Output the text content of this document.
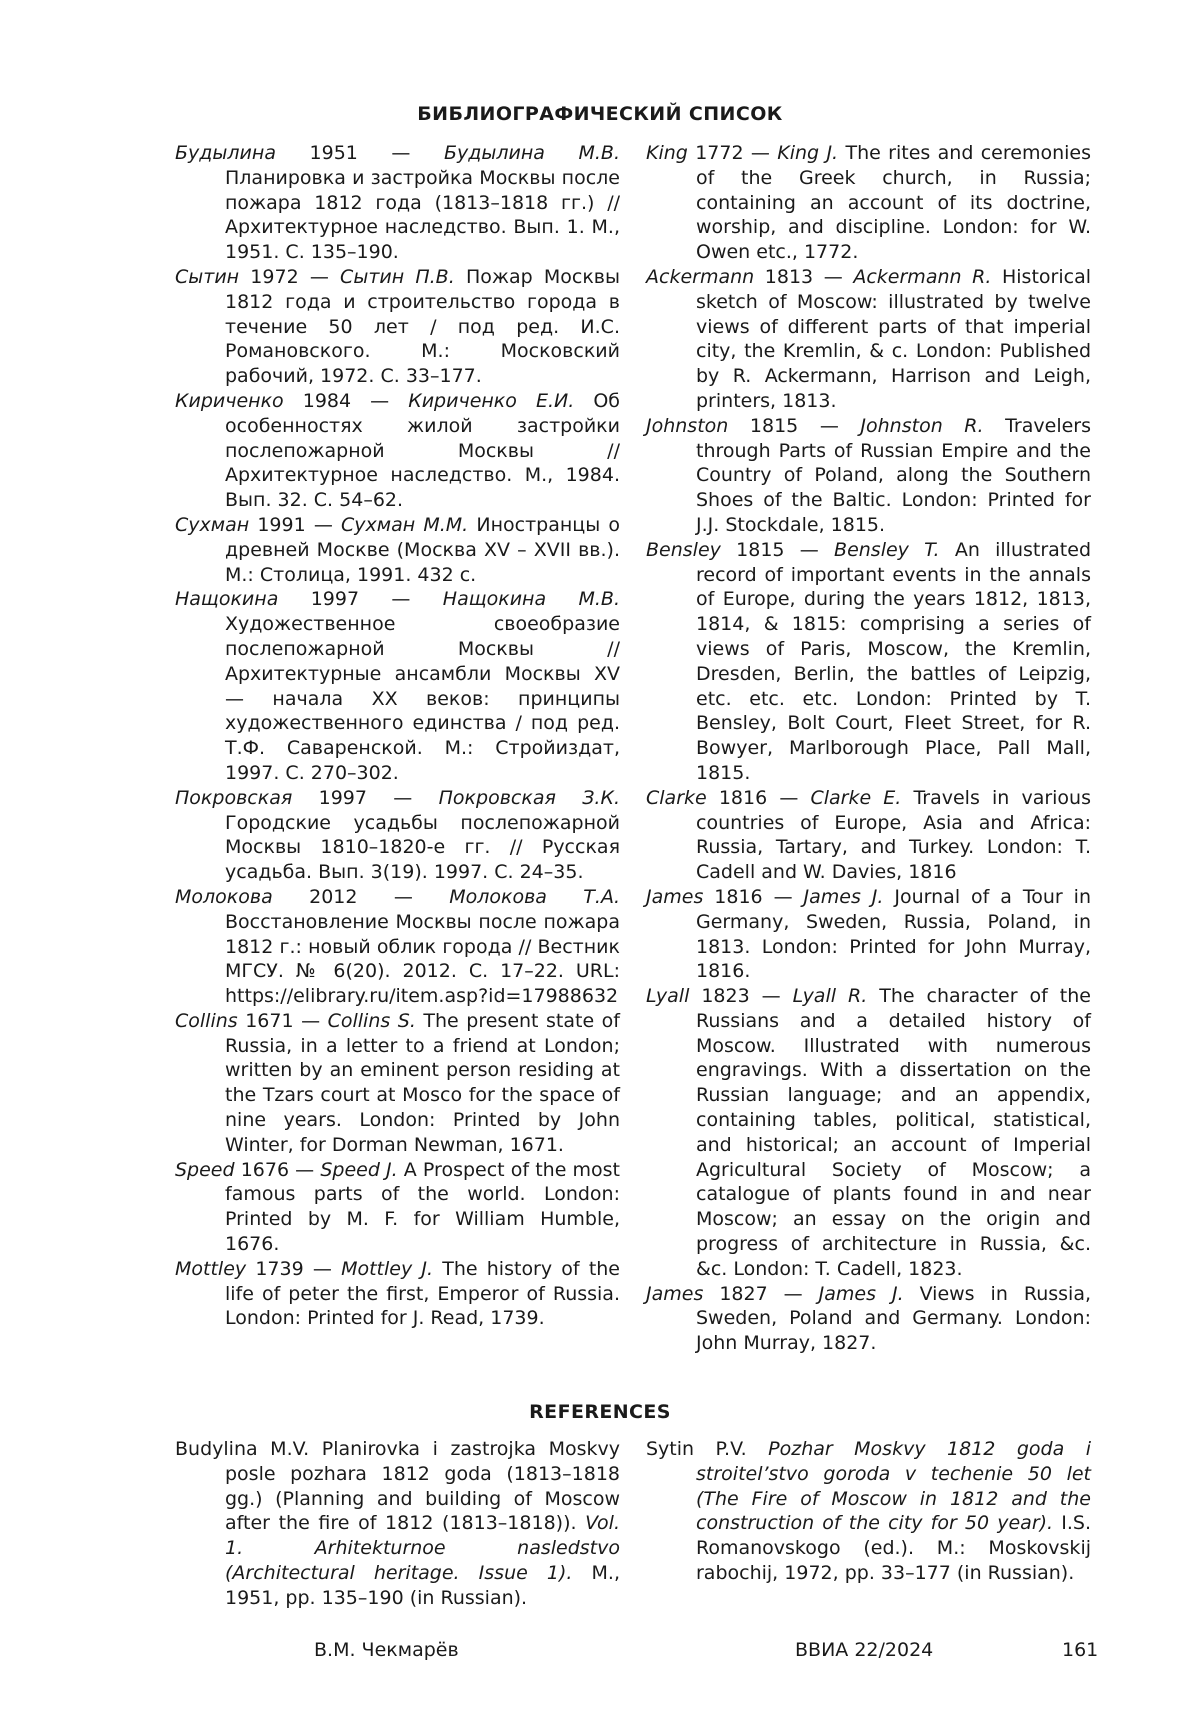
БИБЛИОГРАФИЧЕСКИЙ СПИСОК

Будылина 1951 — Будылина М.В. Планировка и застройка Москвы после пожара 1812 года (1813–1818 гг.) // Архитектурное наследство. Вып. 1. М., 1951. С. 135–190.

Сытин 1972 — Сытин П.В. Пожар Москвы 1812 года и строительство города в течение 50 лет / под ред. И.С. Романовского. М.: Московский рабочий, 1972. С. 33–177.

Кириченко 1984 — Кириченко Е.И. Об особенностях жилой застройки послепожарной Москвы // Архитектурное наследство. М., 1984. Вып. 32. С. 54–62.

Сухман 1991 — Сухман М.М. Иностранцы о древней Москве (Москва XV – XVII вв.). М.: Столица, 1991. 432 с.

Нащокина 1997 — Нащокина М.В. Художественное своеобразие послепожарной Москвы // Архитектурные ансамбли Москвы XV — начала XX веков: принципы художественного единства / под ред. Т.Ф. Саваренской. М.: Стройиздат, 1997. С. 270–302.

Покровская 1997 — Покровская З.К. Городские усадьбы послепожарной Москвы 1810–1820-е гг. // Русская усадьба. Вып. 3(19). 1997. С. 24–35.

Молокова 2012 — Молокова Т.А. Восстановление Москвы после пожара 1812 г.: новый облик города // Вестник МГСУ. № 6(20). 2012. С. 17–22. URL: https://elibrary.ru/item.asp?id=17988632

Collins 1671 — Collins S. The present state of Russia, in a letter to a friend at London; written by an eminent person residing at the Tzars court at Mosco for the space of nine years. London: Printed by John Winter, for Dorman Newman, 1671.

Speed 1676 — Speed J. A Prospect of the most famous parts of the world. London: Printed by M. F. for William Humble, 1676.

Mottley 1739 — Mottley J. The history of the life of peter the first, Emperor of Russia. London: Printed for J. Read, 1739.

King 1772 — King J. The rites and ceremonies of the Greek church, in Russia; containing an account of its doctrine, worship, and discipline. London: for W. Owen etc., 1772.

Ackermann 1813 — Ackermann R. Historical sketch of Moscow: illustrated by twelve views of different parts of that imperial city, the Kremlin, & c. London: Published by R. Ackermann, Harrison and Leigh, printers, 1813.

Johnston 1815 — Johnston R. Travelers through Parts of Russian Empire and the Country of Poland, along the Southern Shoes of the Baltic. London: Printed for J.J. Stockdale, 1815.

Bensley 1815 — Bensley T. An illustrated record of important events in the annals of Europe, during the years 1812, 1813, 1814, & 1815: comprising a series of views of Paris, Moscow, the Kremlin, Dresden, Berlin, the battles of Leipzig, etc. etc. etc. London: Printed by T. Bensley, Bolt Court, Fleet Street, for R. Bowyer, Marlborough Place, Pall Mall, 1815.

Clarke 1816 — Clarke E. Travels in various countries of Europe, Asia and Africa: Russia, Tartary, and Turkey. London: T. Cadell and W. Davies, 1816

James 1816 — James J. Journal of a Tour in Germany, Sweden, Russia, Poland, in 1813. London: Printed for John Murray, 1816.

Lyall 1823 — Lyall R. The character of the Russians and a detailed history of Moscow. Illustrated with numerous engravings. With a dissertation on the Russian language; and an appendix, containing tables, political, statistical, and historical; an account of Imperial Agricultural Society of Moscow; a catalogue of plants found in and near Moscow; an essay on the origin and progress of architecture in Russia, &c. &c. London: T. Cadell, 1823.

James 1827 — James J. Views in Russia, Sweden, Poland and Germany. London: John Murray, 1827.

REFERENCES

Budylina M.V. Planirovka i zastrojka Moskvy posle pozhara 1812 goda (1813–1818 gg.) (Planning and building of Moscow after the fire of 1812 (1813–1818)). Vol. 1. Arhitekturnoe nasledstvo (Architectural heritage. Issue 1). M., 1951, pp. 135–190 (in Russian).

Sytin P.V. Pozhar Moskvy 1812 goda i stroitel’stvo goroda v techenie 50 let (The Fire of Moscow in 1812 and the construction of the city for 50 year). I.S. Romanovskogo (ed.). M.: Moskovskij rabochij, 1972, pp. 33–177 (in Russian).

В.М. Чекмарёв	ВВИА 22/2024	161
